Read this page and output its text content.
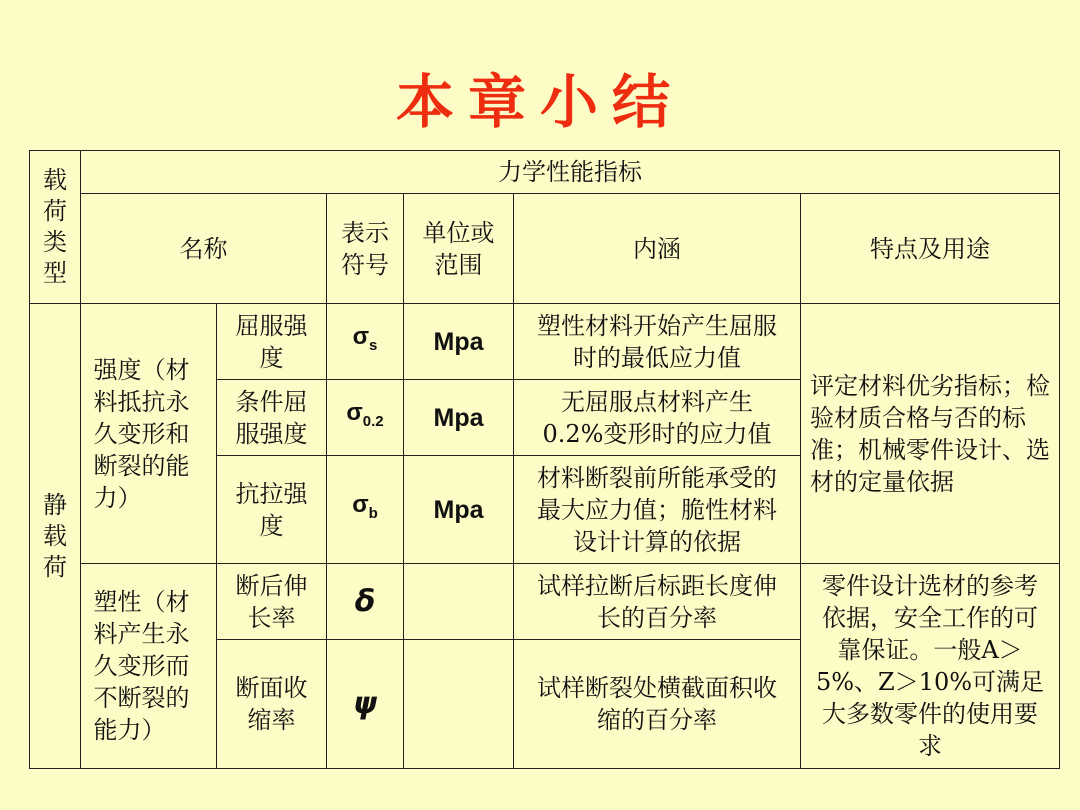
本章小结
载荷类型	力学性能指标					
	名称		表示符号	单位或范围	内涵	特点及用途

静载荷	强度（材料抵抗永久变形和断裂的能力）	屈服强度	$\sigma_s$	Mpa	塑性材料开始产生屈服时的最低应力值	评定材料优劣指标；检验材质合格与否的标准；机械零件设计、选材的定量依据

		条件屈服强度	$\sigma_{0.2}$	Mpa	无屈服点材料产生0.2%变形时的应力值	

		抗拉强度	$\sigma_b$	Mpa	材料断裂前所能承受的最大应力值；脆性材料设计计算的依据	

	塑性（材料产生永久变形而不断裂的能力）	断后伸长率	δ		试样拉断后标距长度伸长的百分率	零件设计选材的参考依据，安全工作的可靠保证。一般A＞5%、Z＞10%可满足大多数零件的使用要求

		断面收缩率	ψ		试样断裂处横截面积收缩的百分率	
